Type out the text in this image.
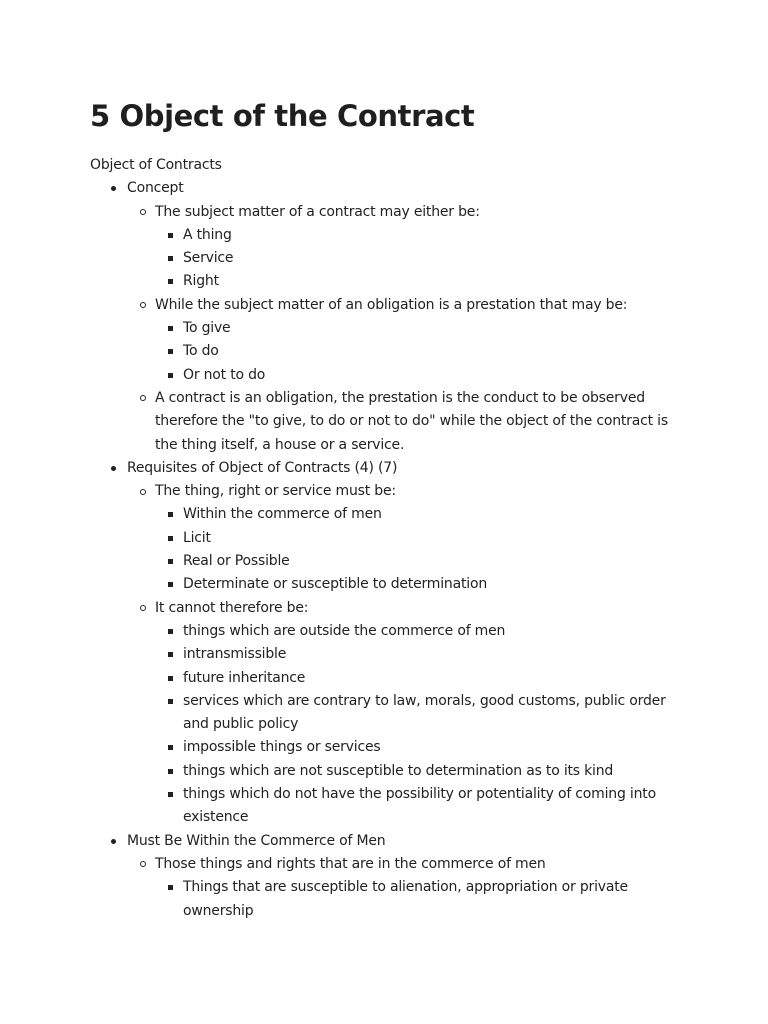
5 Object of the Contract
Object of Contracts
Concept
The subject matter of a contract may either be:
A thing
Service
Right
While the subject matter of an obligation is a prestation that may be:
To give
To do
Or not to do
A contract is an obligation, the prestation is the conduct to be observed therefore the "to give, to do or not to do" while the object of the contract is the thing itself, a house or a service.
Requisites of Object of Contracts (4) (7)
The thing, right or service must be:
Within the commerce of men
Licit
Real or Possible
Determinate or susceptible to determination
It cannot therefore be:
things which are outside the commerce of men
intransmissible
future inheritance
services which are contrary to law, morals, good customs, public order and public policy
impossible things or services
things which are not susceptible to determination as to its kind
things which do not have the possibility or potentiality of coming into existence
Must Be Within the Commerce of Men
Those things and rights that are in the commerce of men
Things that are susceptible to alienation, appropriation or private ownership
